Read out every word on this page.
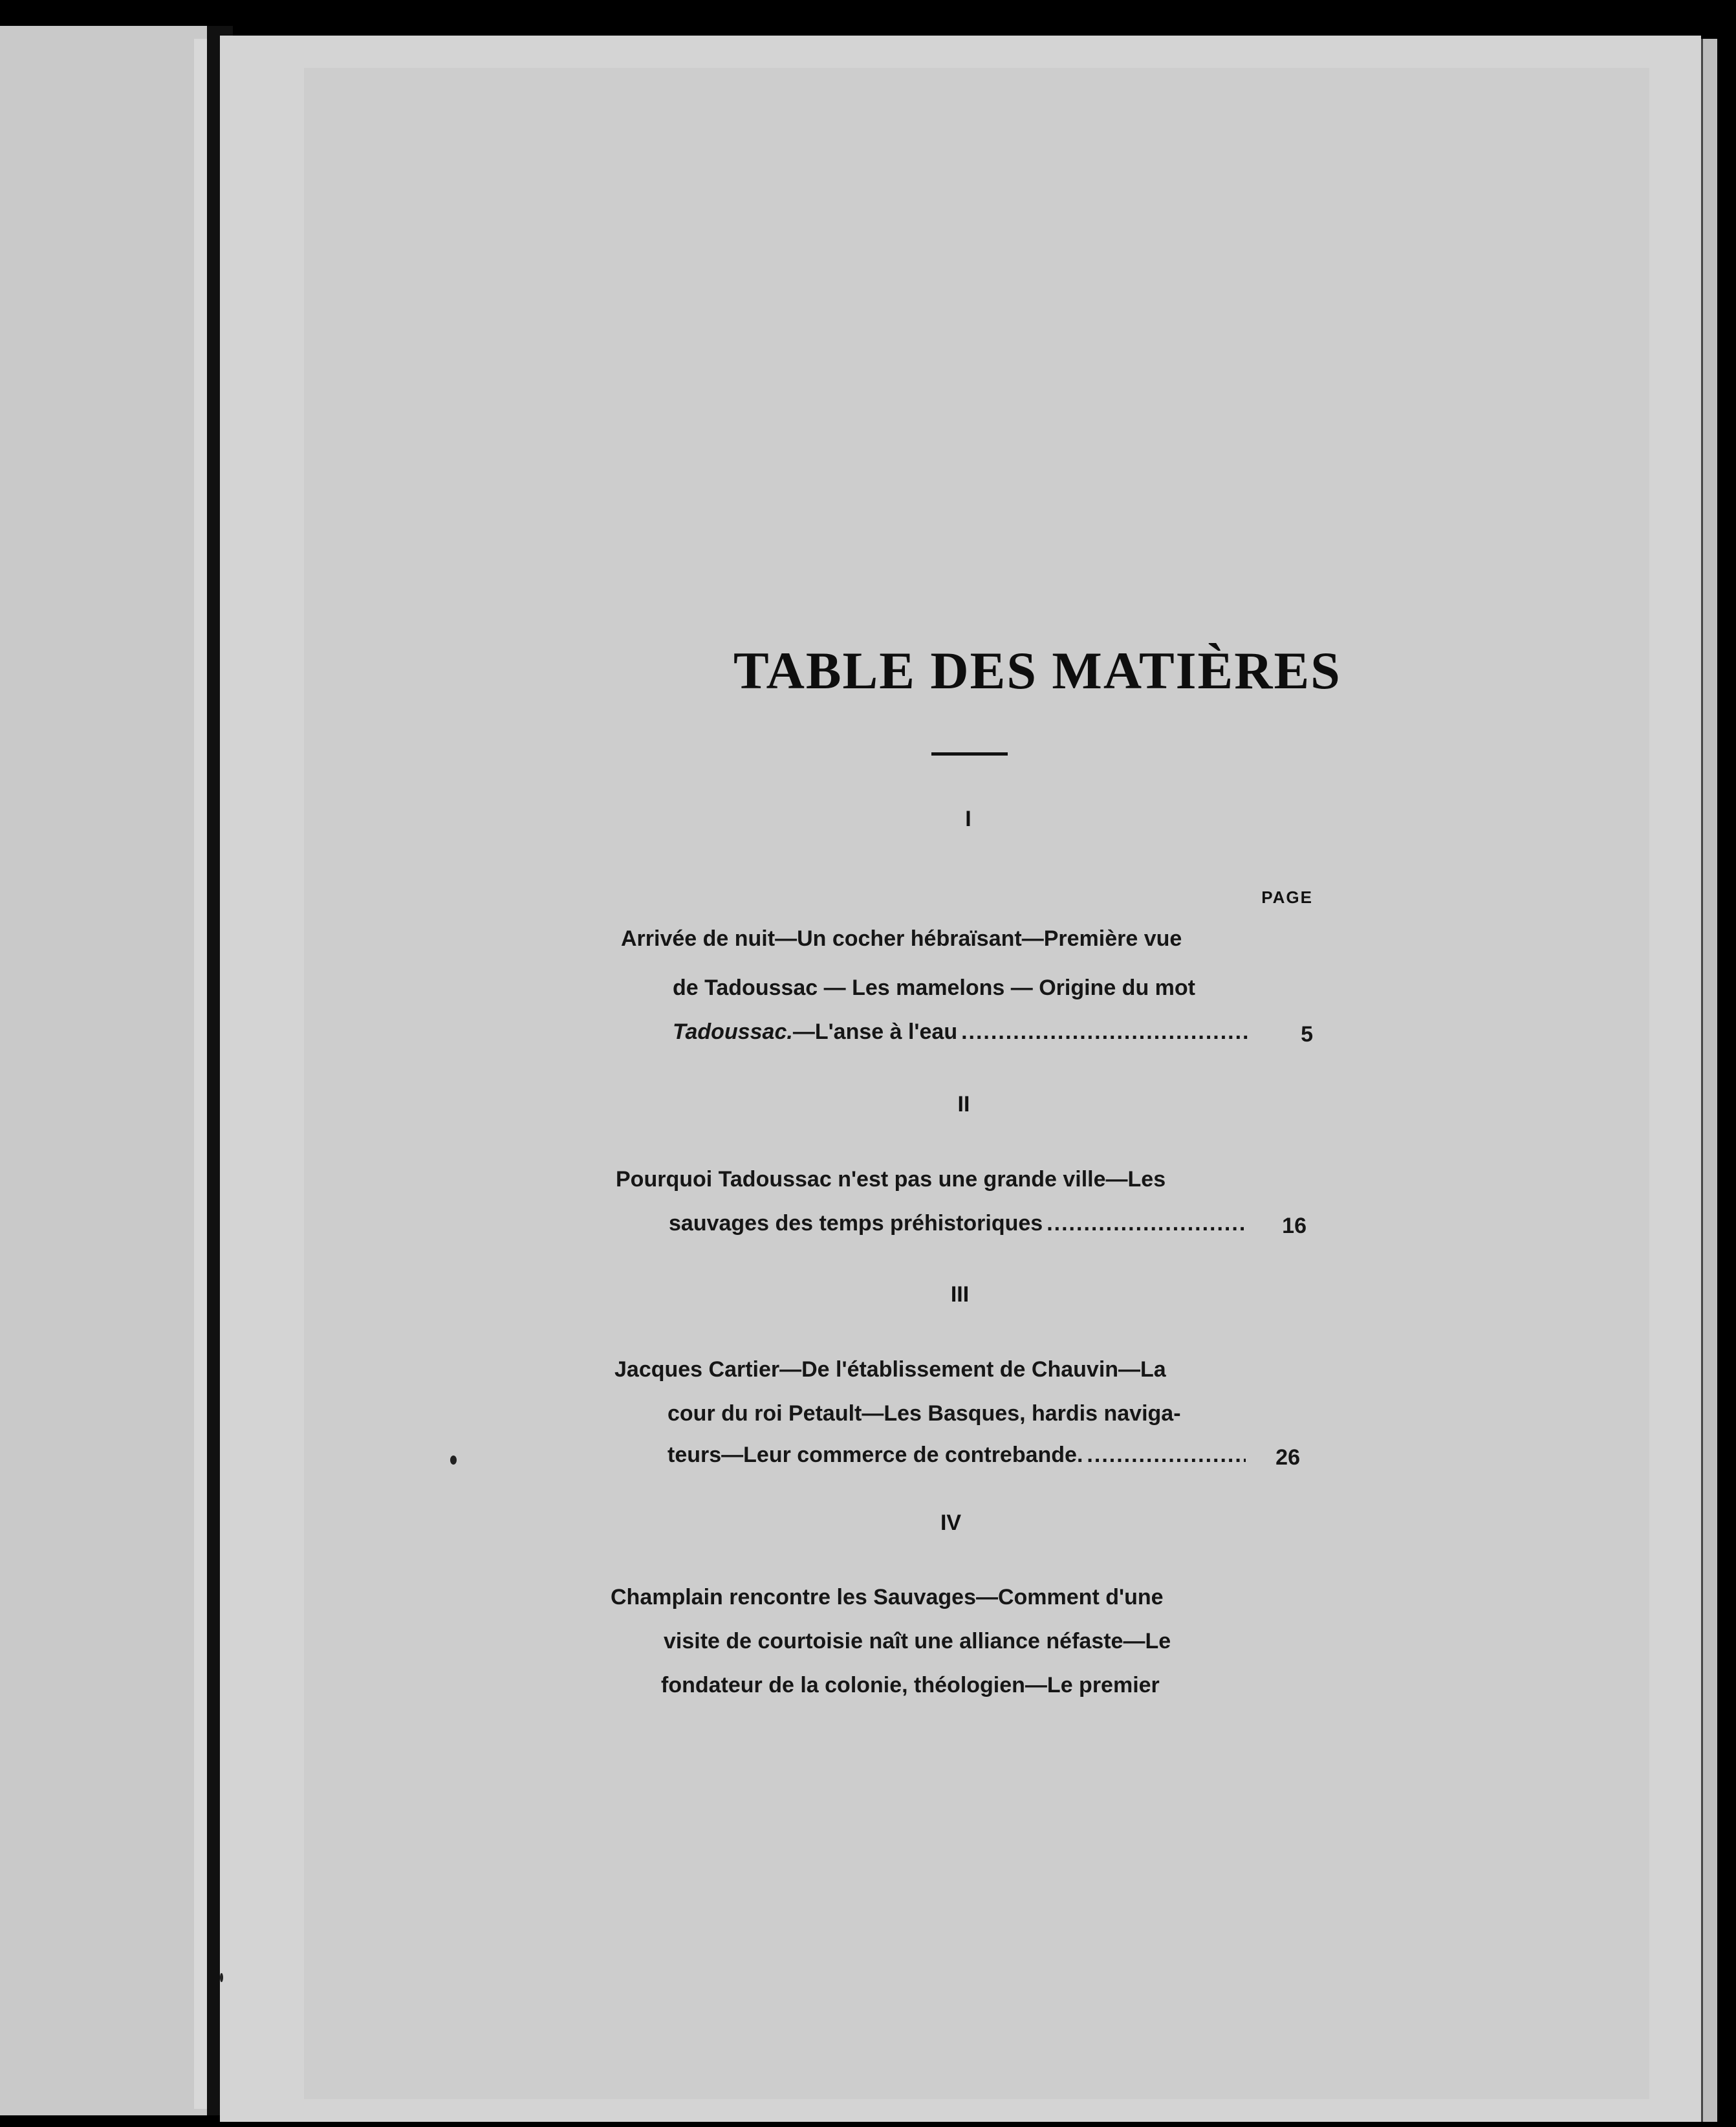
TABLE DES MATIÈRES
I
PAGE
Arrivée de nuit—Un cocher hébraïsant—Première vue
de Tadoussac — Les mamelons — Origine du mot
Tadoussac. — L'anse à l'eau .....	5
II
Pourquoi Tadoussac n'est pas une grande ville—Les
sauvages des temps préhistoriques .....	16
III
Jacques Cartier—De l'établissement de Chauvin—La
cour du roi Petault—Les Basques, hardis naviga-
teurs—Leur commerce de contrebande. .....	26
IV
Champlain rencontre les Sauvages—Comment d'une
visite de courtoisie naît une alliance néfaste—Le
fondateur de la colonie, théologien—Le premier
